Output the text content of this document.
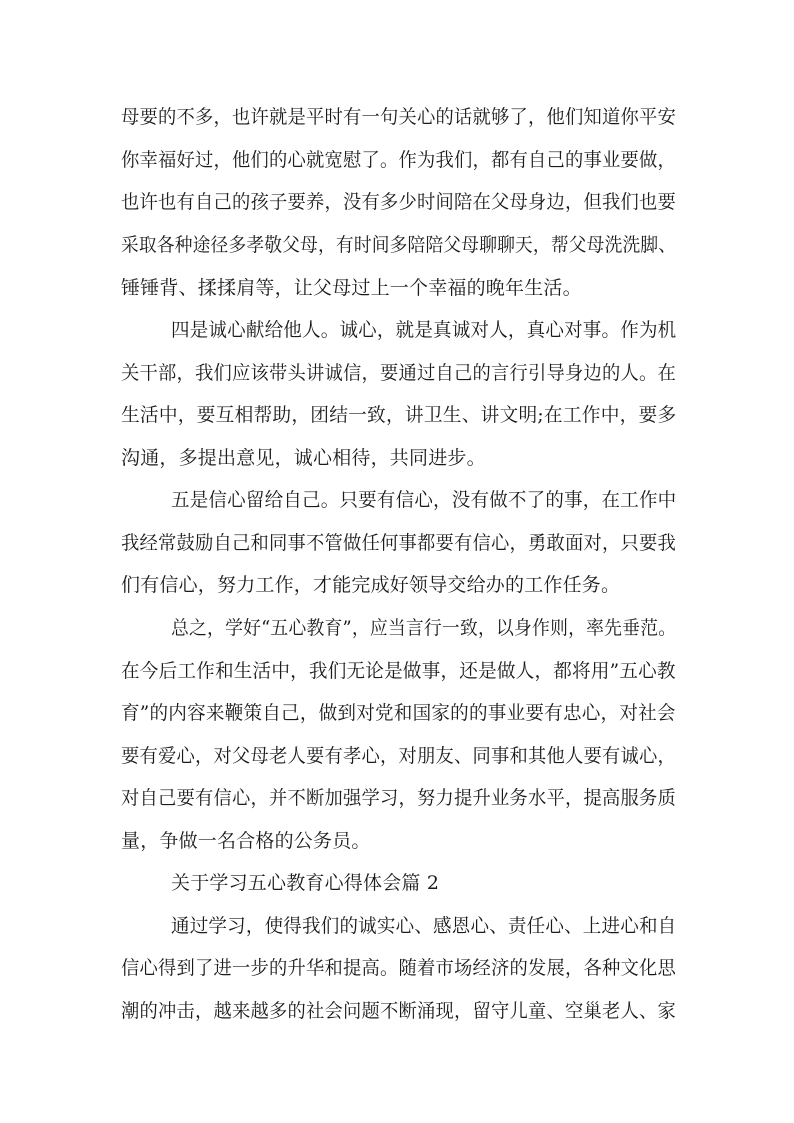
母要的不多，也许就是平时有一句关心的话就够了，他们知道你平安
你幸福好过，他们的心就宽慰了。作为我们，都有自己的事业要做，
也许也有自己的孩子要养，没有多少时间陪在父母身边，但我们也要
采取各种途径多孝敬父母，有时间多陪陪父母聊聊天，帮父母洗洗脚、
锤锤背、揉揉肩等，让父母过上一个幸福的晚年生活。
四是诚心献给他人。诚心，就是真诚对人，真心对事。作为机
关干部，我们应该带头讲诚信，要通过自己的言行引导身边的人。在
生活中，要互相帮助，团结一致，讲卫生、讲文明;在工作中，要多
沟通，多提出意见，诚心相待，共同进步。
五是信心留给自己。只要有信心，没有做不了的事，在工作中
我经常鼓励自己和同事不管做任何事都要有信心，勇敢面对，只要我
们有信心，努力工作，才能完成好领导交给办的工作任务。
总之，学好“五心教育”，应当言行一致，以身作则，率先垂范。
在今后工作和生活中，我们无论是做事，还是做人，都将用”五心教
育”的内容来鞭策自己，做到对党和国家的的事业要有忠心，对社会
要有爱心，对父母老人要有孝心，对朋友、同事和其他人要有诚心，
对自己要有信心，并不断加强学习，努力提升业务水平，提高服务质
量，争做一名合格的公务员。
关于学习五心教育心得体会篇 2
通过学习，使得我们的诚实心、感恩心、责任心、上进心和自
信心得到了进一步的升华和提高。随着市场经济的发展，各种文化思
潮的冲击，越来越多的社会问题不断涌现，留守儿童、空巢老人、家
